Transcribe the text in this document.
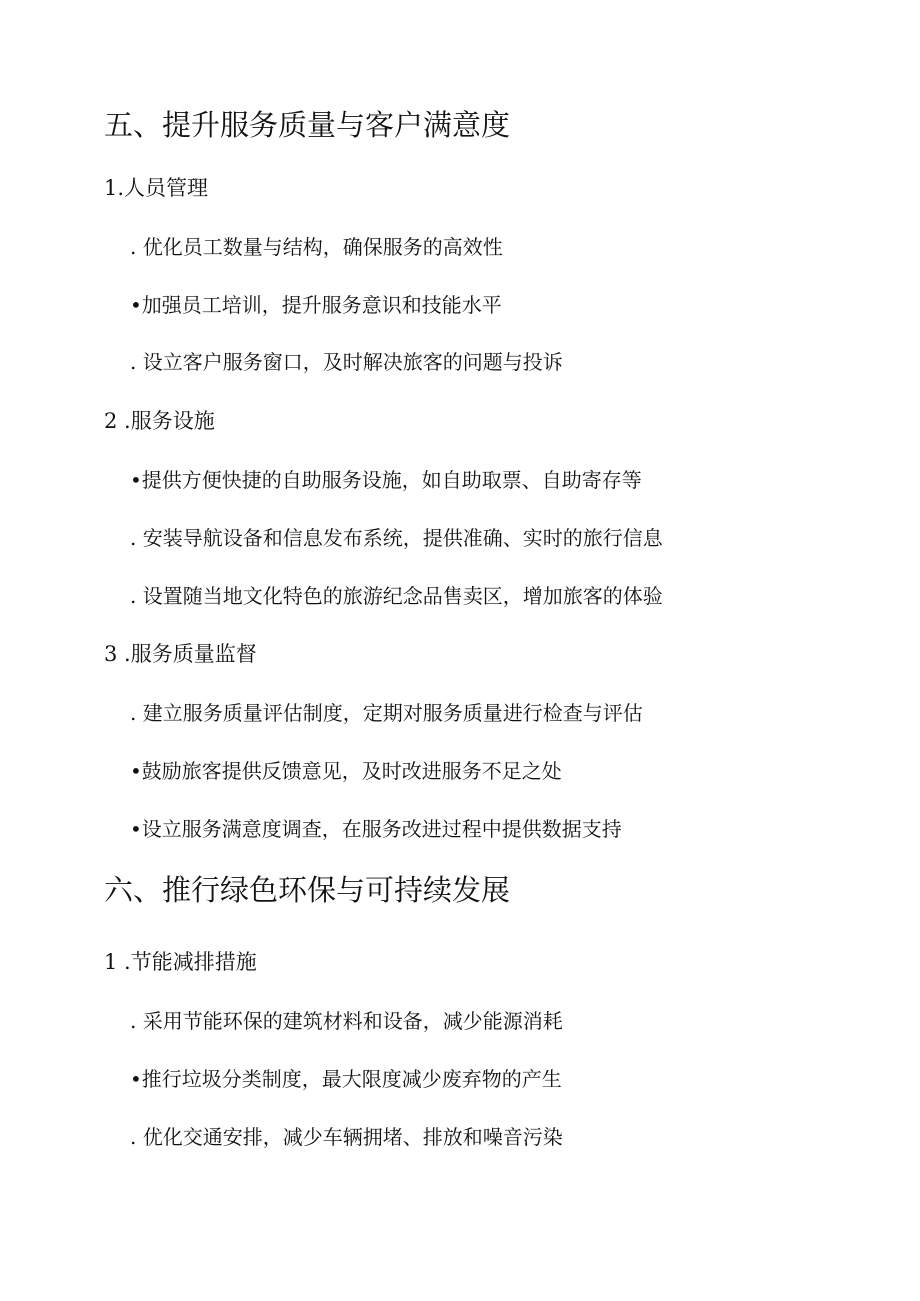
五、提升服务质量与客户满意度
1.人员管理
. 优化员工数量与结构，确保服务的高效性
•加强员工培训，提升服务意识和技能水平
. 设立客户服务窗口，及时解决旅客的问题与投诉
2 .服务设施
•提供方便快捷的自助服务设施，如自助取票、自助寄存等
. 安装导航设备和信息发布系统，提供准确、实时的旅行信息
. 设置随当地文化特色的旅游纪念品售卖区，增加旅客的体验
3 .服务质量监督
. 建立服务质量评估制度，定期对服务质量进行检查与评估
•鼓励旅客提供反馈意见，及时改进服务不足之处
•设立服务满意度调查，在服务改进过程中提供数据支持
六、推行绿色环保与可持续发展
1 .节能减排措施
. 采用节能环保的建筑材料和设备，减少能源消耗
•推行垃圾分类制度，最大限度减少废弃物的产生
. 优化交通安排，减少车辆拥堵、排放和噪音污染
